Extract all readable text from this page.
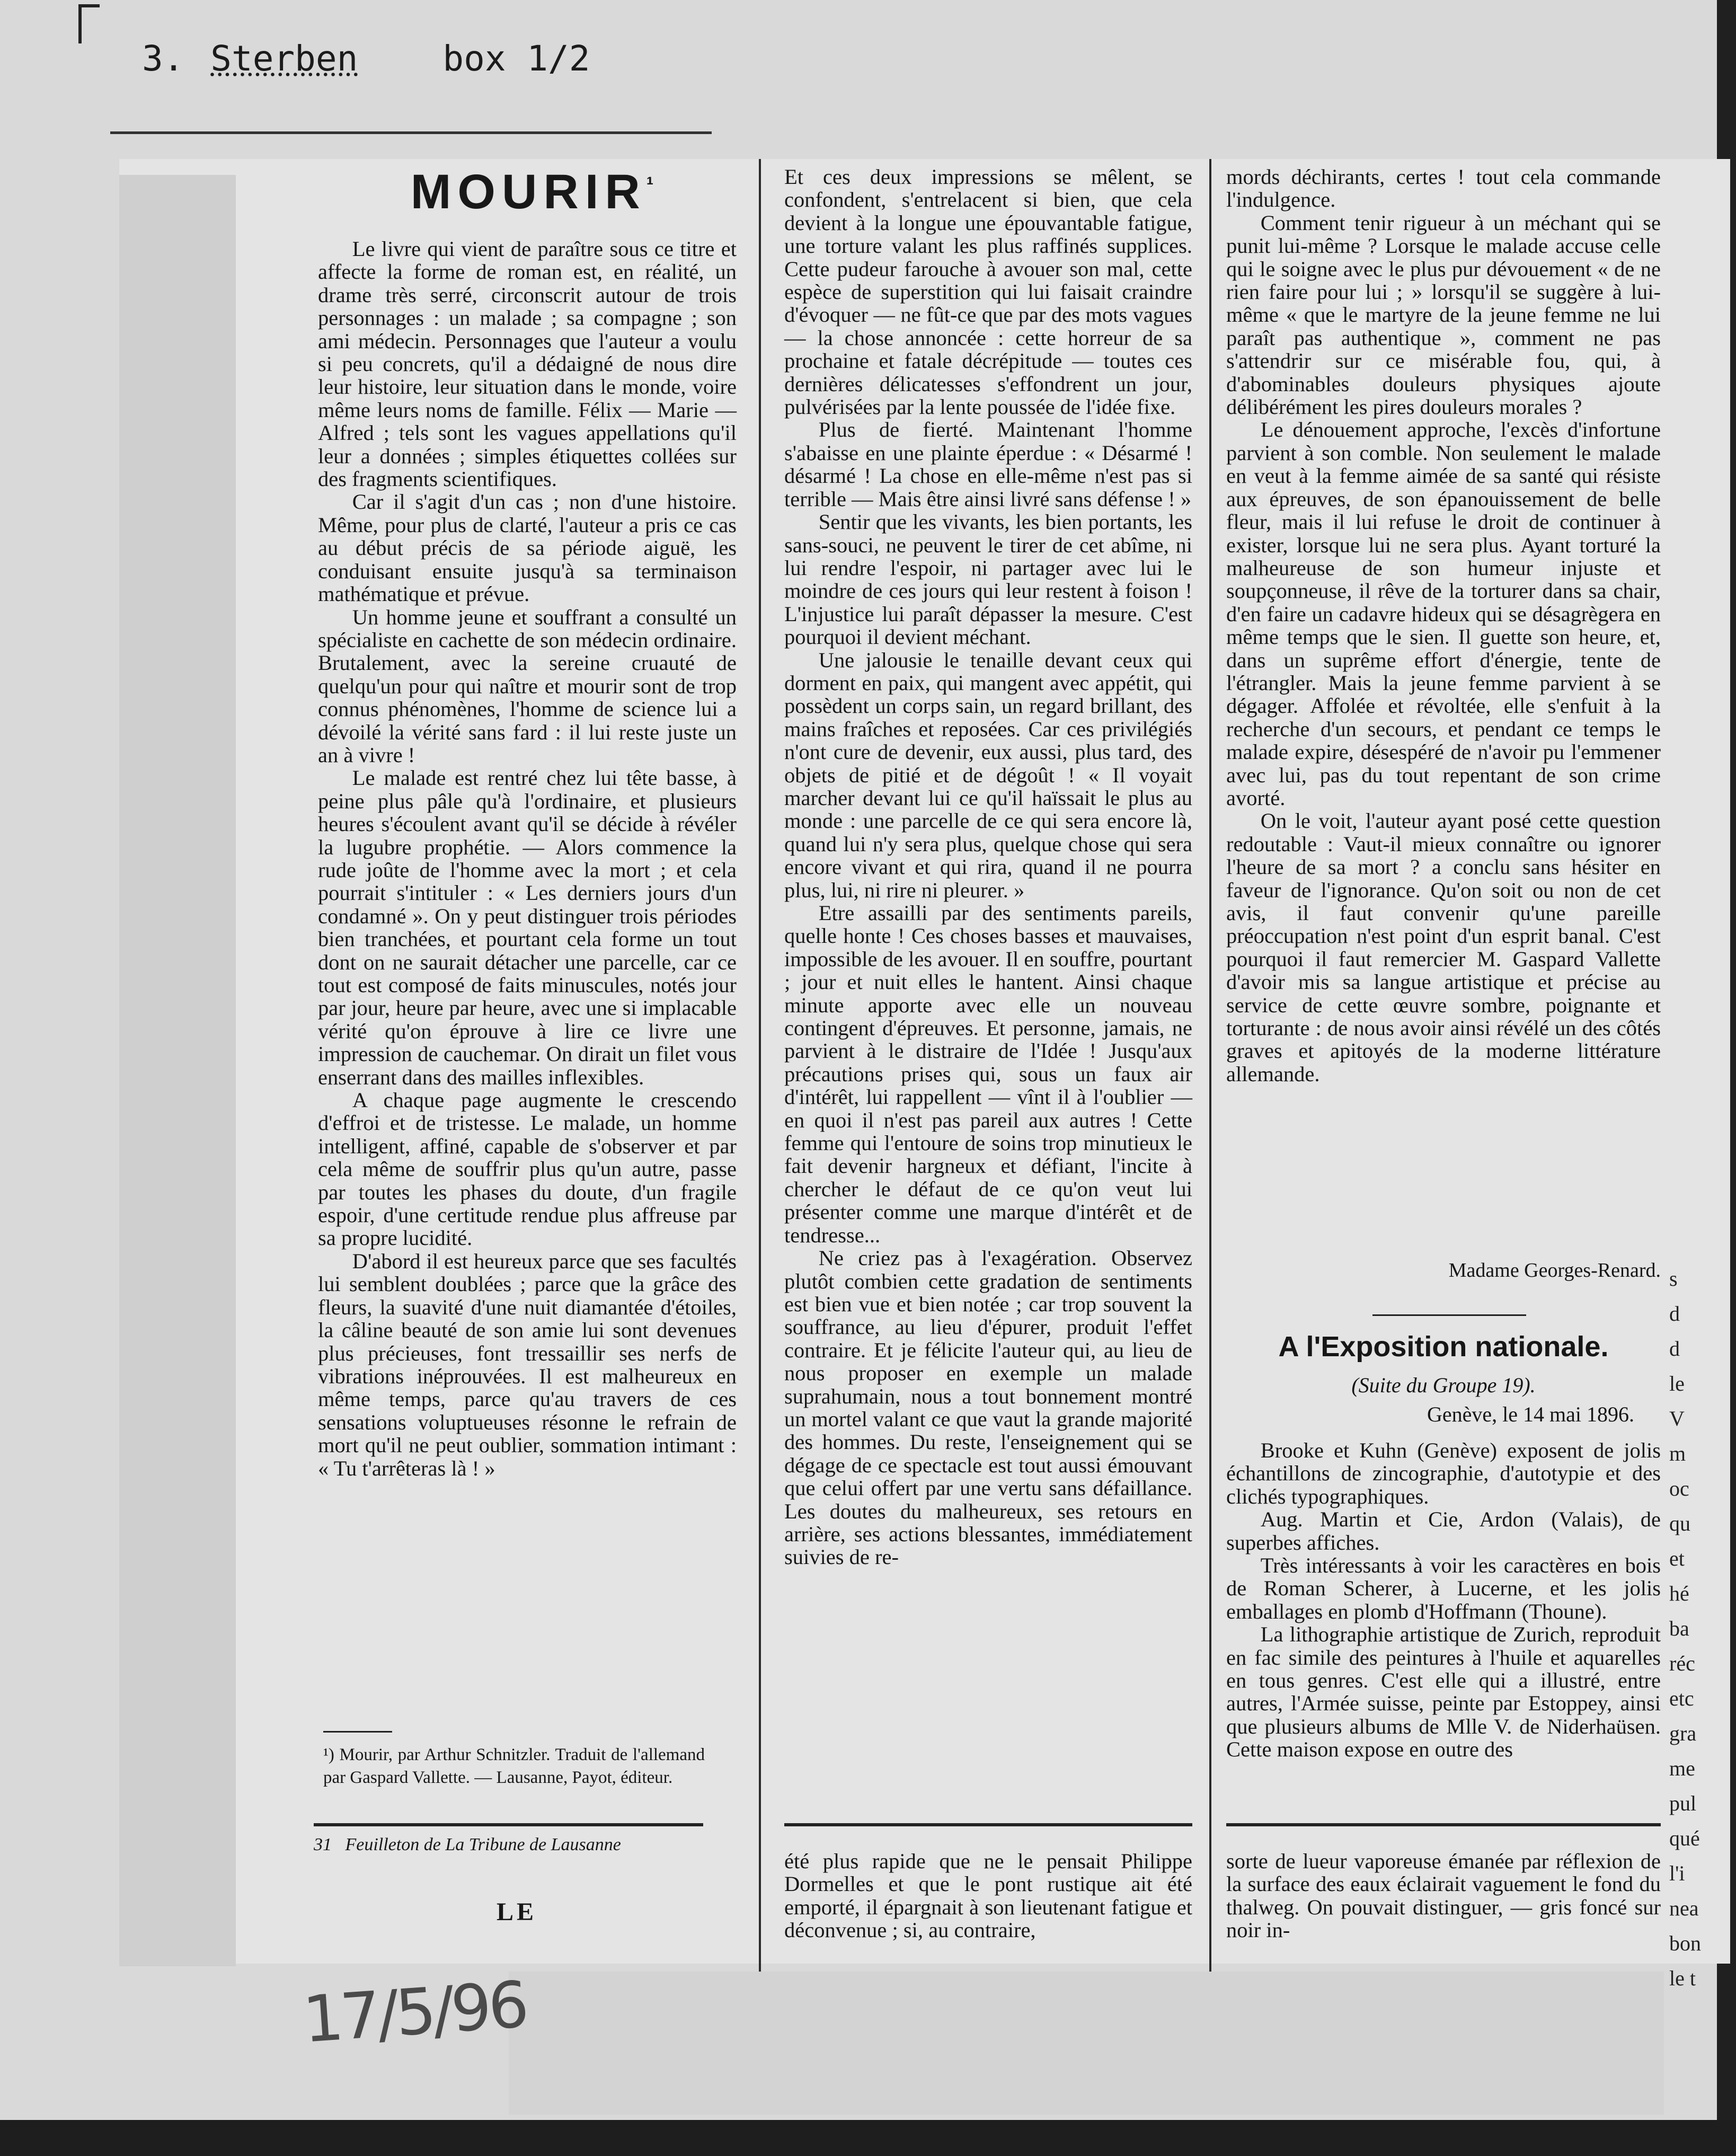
3. Sterben box 1/2
$MOURIR^{^1}$

Le livre qui vient de paraître sous ce titre et affecte la forme de roman est, en réalité, un drame très serré, circonscrit autour de trois personnages : un malade ; sa compagne ; son ami médecin. Personnages que l'auteur a voulu si peu concrets, qu'il a dédaigné de nous dire leur histoire, leur situation dans le monde, voire même leurs noms de famille. Félix — Marie — Alfred ; tels sont les vagues appellations qu'il leur a données ; simples étiquettes collées sur des fragments scientifiques.

Car il s'agit d'un cas ; non d'une histoire. Même, pour plus de clarté, l'auteur a pris ce cas au début précis de sa période aiguë, les conduisant ensuite jusqu'à sa terminaison mathématique et prévue.

Un homme jeune et souffrant a consulté un spécialiste en cachette de son médecin ordinaire. Brutalement, avec la sereine cruauté de quelqu'un pour qui naître et mourir sont de trop connus phénomènes, l'homme de science lui a dévoilé la vérité sans fard : il lui reste juste un an à vivre !

Le malade est rentré chez lui tête basse, à peine plus pâle qu'à l'ordinaire, et plusieurs heures s'écoulent avant qu'il se décide à révéler la lugubre prophétie. — Alors commence la rude joûte de l'homme avec la mort ; et cela pourrait s'intituler : « Les derniers jours d'un condamné ». On y peut distinguer trois périodes bien tranchées, et pourtant cela forme un tout dont on ne saurait détacher une parcelle, car ce tout est composé de faits minuscules, notés jour par jour, heure par heure, avec une si implacable vérité qu'on éprouve à lire ce livre une impression de cauchemar. On dirait un filet vous enserrant dans des mailles inflexibles.

A chaque page augmente le crescendo d'effroi et de tristesse. Le malade, un homme intelligent, affiné, capable de s'observer et par cela même de souffrir plus qu'un autre, passe par toutes les phases du doute, d'un fragile espoir, d'une certitude rendue plus affreuse par sa propre lucidité.

D'abord il est heureux parce que ses facultés lui semblent doublées ; parce que la grâce des fleurs, la suavité d'une nuit diamantée d'étoiles, la câline beauté de son amie lui sont devenues plus précieuses, font tressaillir ses nerfs de vibrations inéprouvées. Il est malheureux en même temps, parce qu'au travers de ces sensations voluptueuses résonne le refrain de mort qu'il ne peut oublier, sommation intimant : « Tu t'arrêteras là ! »

¹) Mourir, par Arthur Schnitzler. Traduit de l'allemand par Gaspard Vallette. — Lausanne, Payot, éditeur.

Et ces deux impressions se mêlent, se confondent, s'entrelacent si bien, que cela devient à la longue une épouvantable fatigue, une torture valant les plus raffinés supplices. Cette pudeur farouche à avouer son mal, cette espèce de superstition qui lui faisait craindre d'évoquer — ne fût-ce que par des mots vagues — la chose annoncée : cette horreur de sa prochaine et fatale décrépitude — toutes ces dernières délicatesses s'effondrent un jour, pulvérisées par la lente poussée de l'idée fixe.

Plus de fierté. Maintenant l'homme s'abaisse en une plainte éperdue : « Désarmé ! désarmé ! La chose en elle-même n'est pas si terrible — Mais être ainsi livré sans défense ! »

Sentir que les vivants, les bien portants, les sans-souci, ne peuvent le tirer de cet abîme, ni lui rendre l'espoir, ni partager avec lui le moindre de ces jours qui leur restent à foison ! L'injustice lui paraît dépasser la mesure. C'est pourquoi il devient méchant.

Une jalousie le tenaille devant ceux qui dorment en paix, qui mangent avec appétit, qui possèdent un corps sain, un regard brillant, des mains fraîches et reposées. Car ces privilégiés n'ont cure de devenir, eux aussi, plus tard, des objets de pitié et de dégoût ! « Il voyait marcher devant lui ce qu'il haïssait le plus au monde : une parcelle de ce qui sera encore là, quand lui n'y sera plus, quelque chose qui sera encore vivant et qui rira, quand il ne pourra plus, lui, ni rire ni pleurer. »

Etre assailli par des sentiments pareils, quelle honte ! Ces choses basses et mauvaises, impossible de les avouer. Il en souffre, pourtant ; jour et nuit elles le hantent. Ainsi chaque minute apporte avec elle un nouveau contingent d'épreuves. Et personne, jamais, ne parvient à le distraire de l'Idée ! Jusqu'aux précautions prises qui, sous un faux air d'intérêt, lui rappellent — vînt il à l'oublier — en quoi il n'est pas pareil aux autres ! Cette femme qui l'entoure de soins trop minutieux le fait devenir hargneux et défiant, l'incite à chercher le défaut de ce qu'on veut lui présenter comme une marque d'intérêt et de tendresse...

Ne criez pas à l'exagération. Observez plutôt combien cette gradation de sentiments est bien vue et bien notée ; car trop souvent la souffrance, au lieu d'épurer, produit l'effet contraire. Et je félicite l'auteur qui, au lieu de nous proposer en exemple un malade suprahumain, nous a tout bonnement montré un mortel valant ce que vaut la grande majorité des hommes. Du reste, l'enseignement qui se dégage de ce spectacle est tout aussi émouvant que celui offert par une vertu sans défaillance. Les doutes du malheureux, ses retours en arrière, ses actions blessantes, immédiatement suivies de re-

mords déchirants, certes ! tout cela commande l'indulgence.

Comment tenir rigueur à un méchant qui se punit lui-même ? Lorsque le malade accuse celle qui le soigne avec le plus pur dévouement « de ne rien faire pour lui ; » lorsqu'il se suggère à lui-même « que le martyre de la jeune femme ne lui paraît pas authentique », comment ne pas s'attendrir sur ce misérable fou, qui, à d'abominables douleurs physiques ajoute délibérément les pires douleurs morales ?

Le dénouement approche, l'excès d'infortune parvient à son comble. Non seulement le malade en veut à la femme aimée de sa santé qui résiste aux épreuves, de son épanouissement de belle fleur, mais il lui refuse le droit de continuer à exister, lorsque lui ne sera plus. Ayant torturé la malheureuse de son humeur injuste et soupçonneuse, il rêve de la torturer dans sa chair, d'en faire un cadavre hideux qui se désagrègera en même temps que le sien. Il guette son heure, et, dans un suprême effort d'énergie, tente de l'étrangler. Mais la jeune femme parvient à se dégager. Affolée et révoltée, elle s'enfuit à la recherche d'un secours, et pendant ce temps le malade expire, désespéré de n'avoir pu l'emmener avec lui, pas du tout repentant de son crime avorté.

On le voit, l'auteur ayant posé cette question redoutable : Vaut-il mieux connaître ou ignorer l'heure de sa mort ? a conclu sans hésiter en faveur de l'ignorance. Qu'on soit ou non de cet avis, il faut convenir qu'une pareille préoccupation n'est point d'un esprit banal. C'est pourquoi il faut remercier M. Gaspard Vallette d'avoir mis sa langue artistique et précise au service de cette œuvre sombre, poignante et torturante : de nous avoir ainsi révélé un des côtés graves et apitoyés de la moderne littérature allemande.

Madame Georges-Renard.
A l'Exposition nationale.
(Suite du Groupe 19).
Genève, le 14 mai 1896.

Brooke et Kuhn (Genève) exposent de jolis échantillons de zincographie, d'autotypie et des clichés typographiques.

Aug. Martin et Cie, Ardon (Valais), de superbes affiches.

Très intéressants à voir les caractères en bois de Roman Scherer, à Lucerne, et les jolis emballages en plomb d'Hoffmann (Thoune).

La lithographie artistique de Zurich, reproduit en fac simile des peintures à l'huile et aquarelles en tous genres. C'est elle qui a illustré, entre autres, l'Armée suisse, peinte par Estoppey, ainsi que plusieurs albums de Mlle V. de Niderhaüsen. Cette maison expose en outre des

31 Feuilleton de La Tribune de Lausanne
LE

été plus rapide que ne le pensait Philippe Dormelles et que le pont rustique ait été emporté, il épargnait à son lieutenant fatigue et déconvenue ; si, au contraire,

sorte de lueur vaporeuse émanée par réflexion de la surface des eaux éclairait vaguement le fond du thalweg. On pouvait distinguer, — gris foncé sur noir in-

s
d
d
le
V
m
oc
qu
et
hé
ba
réc
etc
gra
me
pul
qué
l'i
nea
bon
le t
17/5/96
